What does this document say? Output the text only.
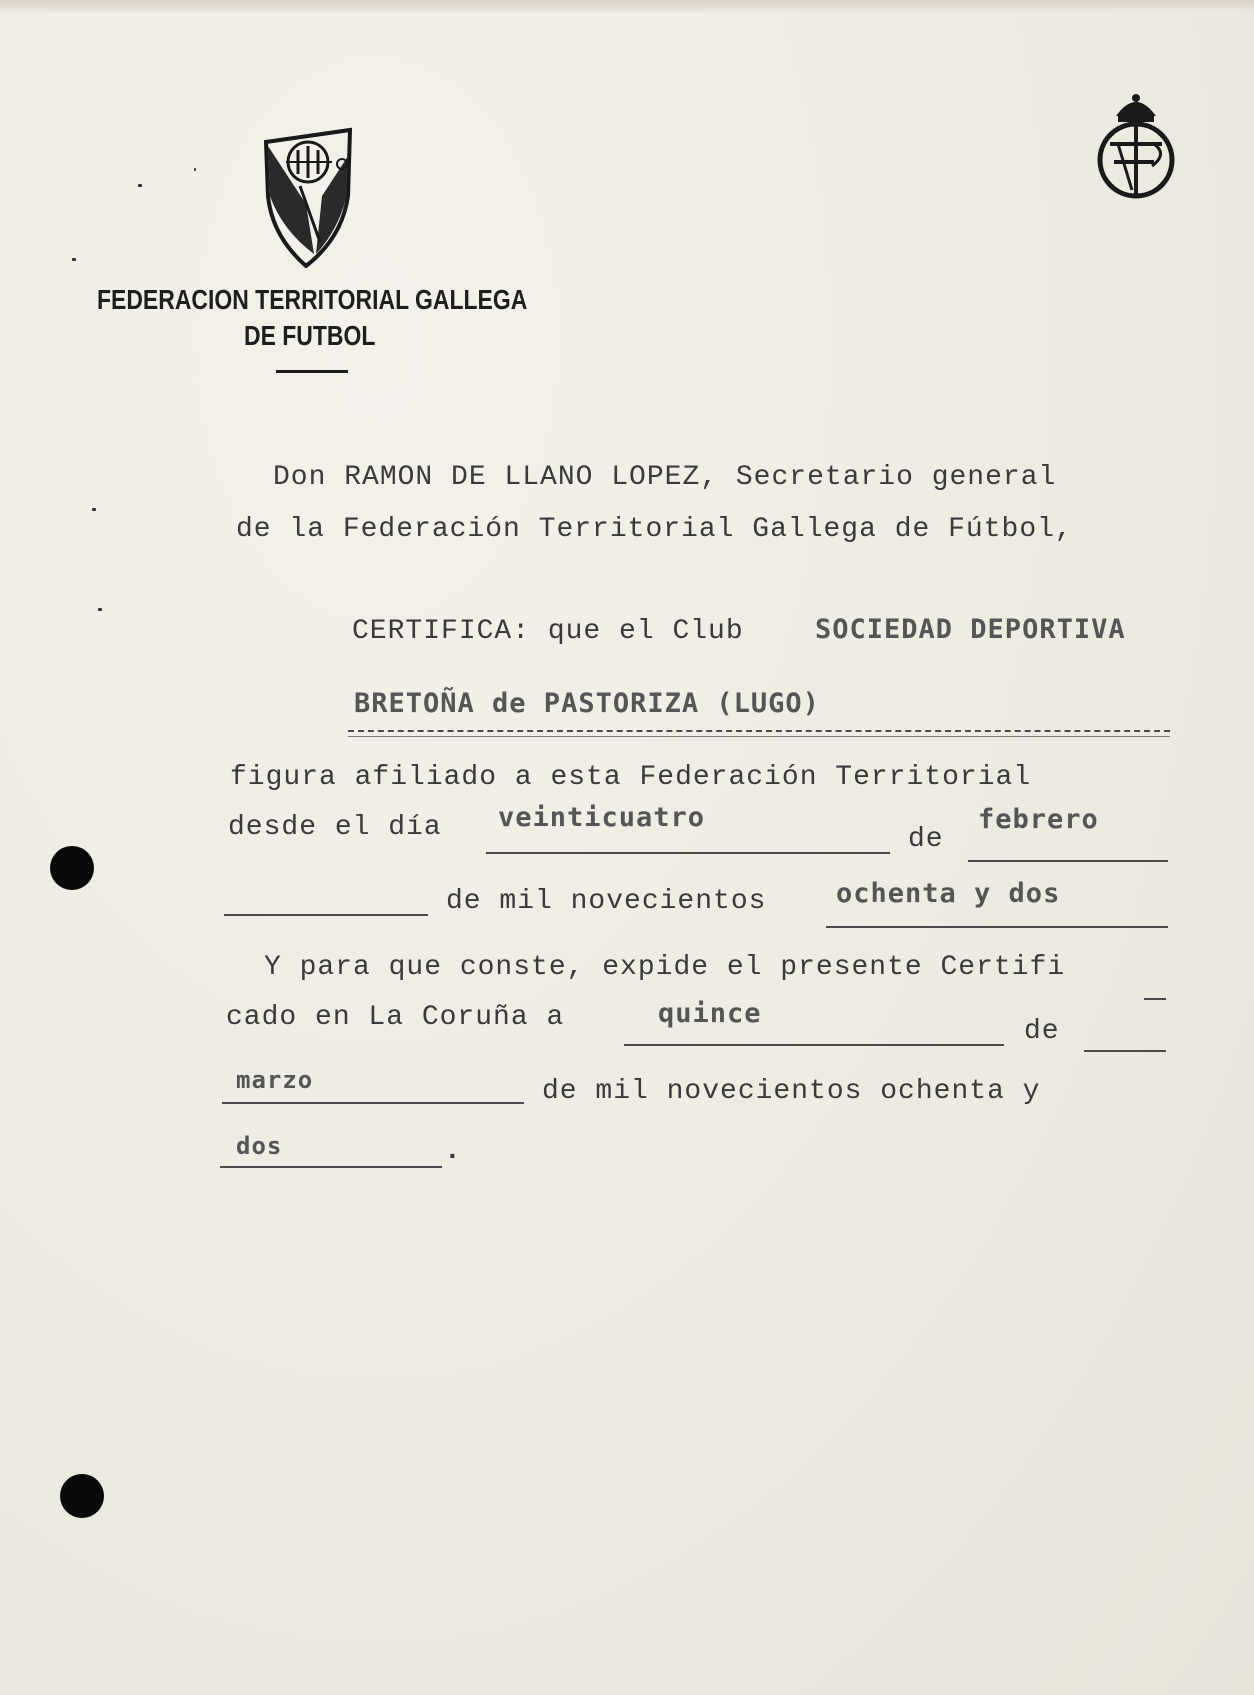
FEDERACION TERRITORIAL GALLEGA
DE FUTBOL
Don RAMON DE LLANO LOPEZ, Secretario general
de la Federación Territorial Gallega de Fútbol,
CERTIFICA: que el Club	SOCIEDAD DEPORTIVA
BRETOÑA de PASTORIZA (LUGO)
figura afiliado a esta Federación Territorial
desde el día veinticuatro
de
febrero
de mil novecientos	ochenta y dos
Y para que conste, expide el presente Certifi
cado en La Coruña a	quince
de
marzo	de mil novecientos ochenta y
dos	.
